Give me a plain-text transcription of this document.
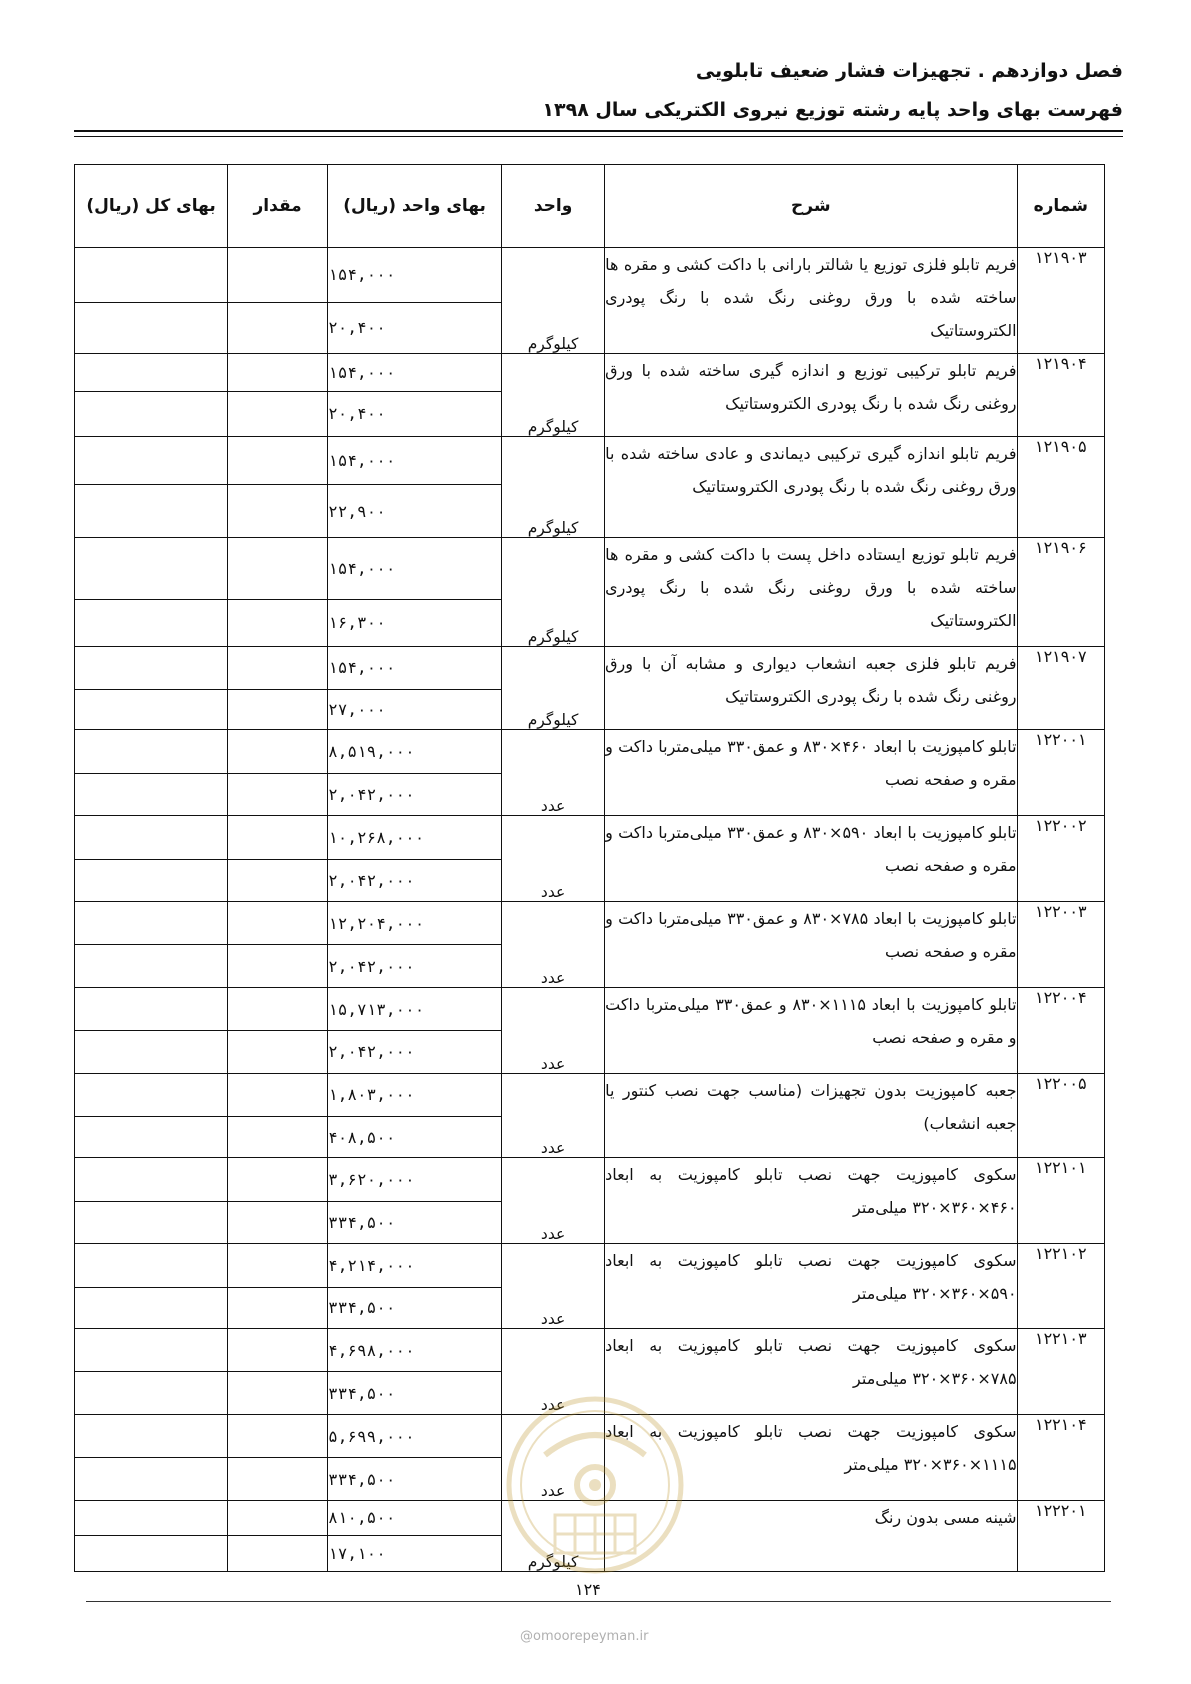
فصل دوازدهم . تجهیزات فشار ضعیف تابلویی
فهرست بهای واحد پایه رشته توزیع نیروی الکتریکی سال ۱۳۹۸
شماره	شرح	واحد	بهای واحد (ریال)	مقدار	بهای کل (ریال)
۱۲۱۹۰۳	فریم تابلو فلزی توزیع یا شالتر بارانی با داکت کشی و مقره ها ساخته شده با ورق روغنی رنگ شده با رنگ پودری الکتروستاتیک	کیلوگرم	۱۵۴,۰۰۰		
			۲۰,۴۰۰		
۱۲۱۹۰۴	فریم تابلو ترکیبی توزیع و اندازه گیری ساخته شده با ورق روغنی رنگ شده با رنگ پودری الکتروستاتیک	کیلوگرم	۱۵۴,۰۰۰		
			۲۰,۴۰۰		
۱۲۱۹۰۵	فریم تابلو اندازه گیری ترکیبی دیماندی و عادی ساخته شده با ورق روغنی رنگ شده با رنگ پودری الکتروستاتیک	کیلوگرم	۱۵۴,۰۰۰		
			۲۲,۹۰۰		
۱۲۱۹۰۶	فریم تابلو توزیع ایستاده داخل پست با داکت کشی و مقره ها ساخته شده با ورق روغنی رنگ شده با رنگ پودری الکتروستاتیک	کیلوگرم	۱۵۴,۰۰۰		
			۱۶,۳۰۰		
۱۲۱۹۰۷	فریم تابلو فلزی جعبه انشعاب دیواری و مشابه آن با ورق روغنی رنگ شده با رنگ پودری الکتروستاتیک	کیلوگرم	۱۵۴,۰۰۰		
			۲۷,۰۰۰		
۱۲۲۰۰۱	تابلو کامپوزیت با ابعاد ۴۶۰×۸۳۰ و عمق۳۳۰ میلی‌متربا داکت و مقره و صفحه نصب	عدد	۸,۵۱۹,۰۰۰		
			۲,۰۴۲,۰۰۰		
۱۲۲۰۰۲	تابلو کامپوزیت با ابعاد ۵۹۰×۸۳۰ و عمق۳۳۰ میلی‌متربا داکت و مقره و صفحه نصب	عدد	۱۰,۲۶۸,۰۰۰		
			۲,۰۴۲,۰۰۰		
۱۲۲۰۰۳	تابلو کامپوزیت با ابعاد ۷۸۵×۸۳۰ و عمق۳۳۰ میلی‌متربا داکت و مقره و صفحه نصب	عدد	۱۲,۲۰۴,۰۰۰		
			۲,۰۴۲,۰۰۰		
۱۲۲۰۰۴	تابلو کامپوزیت با ابعاد ۱۱۱۵×۸۳۰ و عمق۳۳۰ میلی‌متربا داکت و مقره و صفحه نصب	عدد	۱۵,۷۱۳,۰۰۰		
			۲,۰۴۲,۰۰۰		
۱۲۲۰۰۵	جعبه کامپوزیت بدون تجهیزات (مناسب جهت نصب کنتور یا جعبه انشعاب)	عدد	۱,۸۰۳,۰۰۰		
			۴۰۸,۵۰۰		
۱۲۲۱۰۱	سکوی کامپوزیت جهت نصب تابلو کامپوزیت به ابعاد ۴۶۰×۳۶۰×۳۲۰ میلی‌متر	عدد	۳,۶۲۰,۰۰۰		
			۳۳۴,۵۰۰		
۱۲۲۱۰۲	سکوی کامپوزیت جهت نصب تابلو کامپوزیت به ابعاد ۵۹۰×۳۶۰×۳۲۰ میلی‌متر	عدد	۴,۲۱۴,۰۰۰		
			۳۳۴,۵۰۰		
۱۲۲۱۰۳	سکوی کامپوزیت جهت نصب تابلو کامپوزیت به ابعاد ۷۸۵×۳۶۰×۳۲۰ میلی‌متر	عدد	۴,۶۹۸,۰۰۰		
			۳۳۴,۵۰۰		
۱۲۲۱۰۴	سکوی کامپوزیت جهت نصب تابلو کامپوزیت به ابعاد ۱۱۱۵×۳۶۰×۳۲۰ میلی‌متر	عدد	۵,۶۹۹,۰۰۰		
			۳۳۴,۵۰۰		
۱۲۲۲۰۱	شینه مسی بدون رنگ	کیلوگرم	۸۱۰,۵۰۰		
			۱۷,۱۰۰		
۱۲۴
@omoorepeyman.ir
